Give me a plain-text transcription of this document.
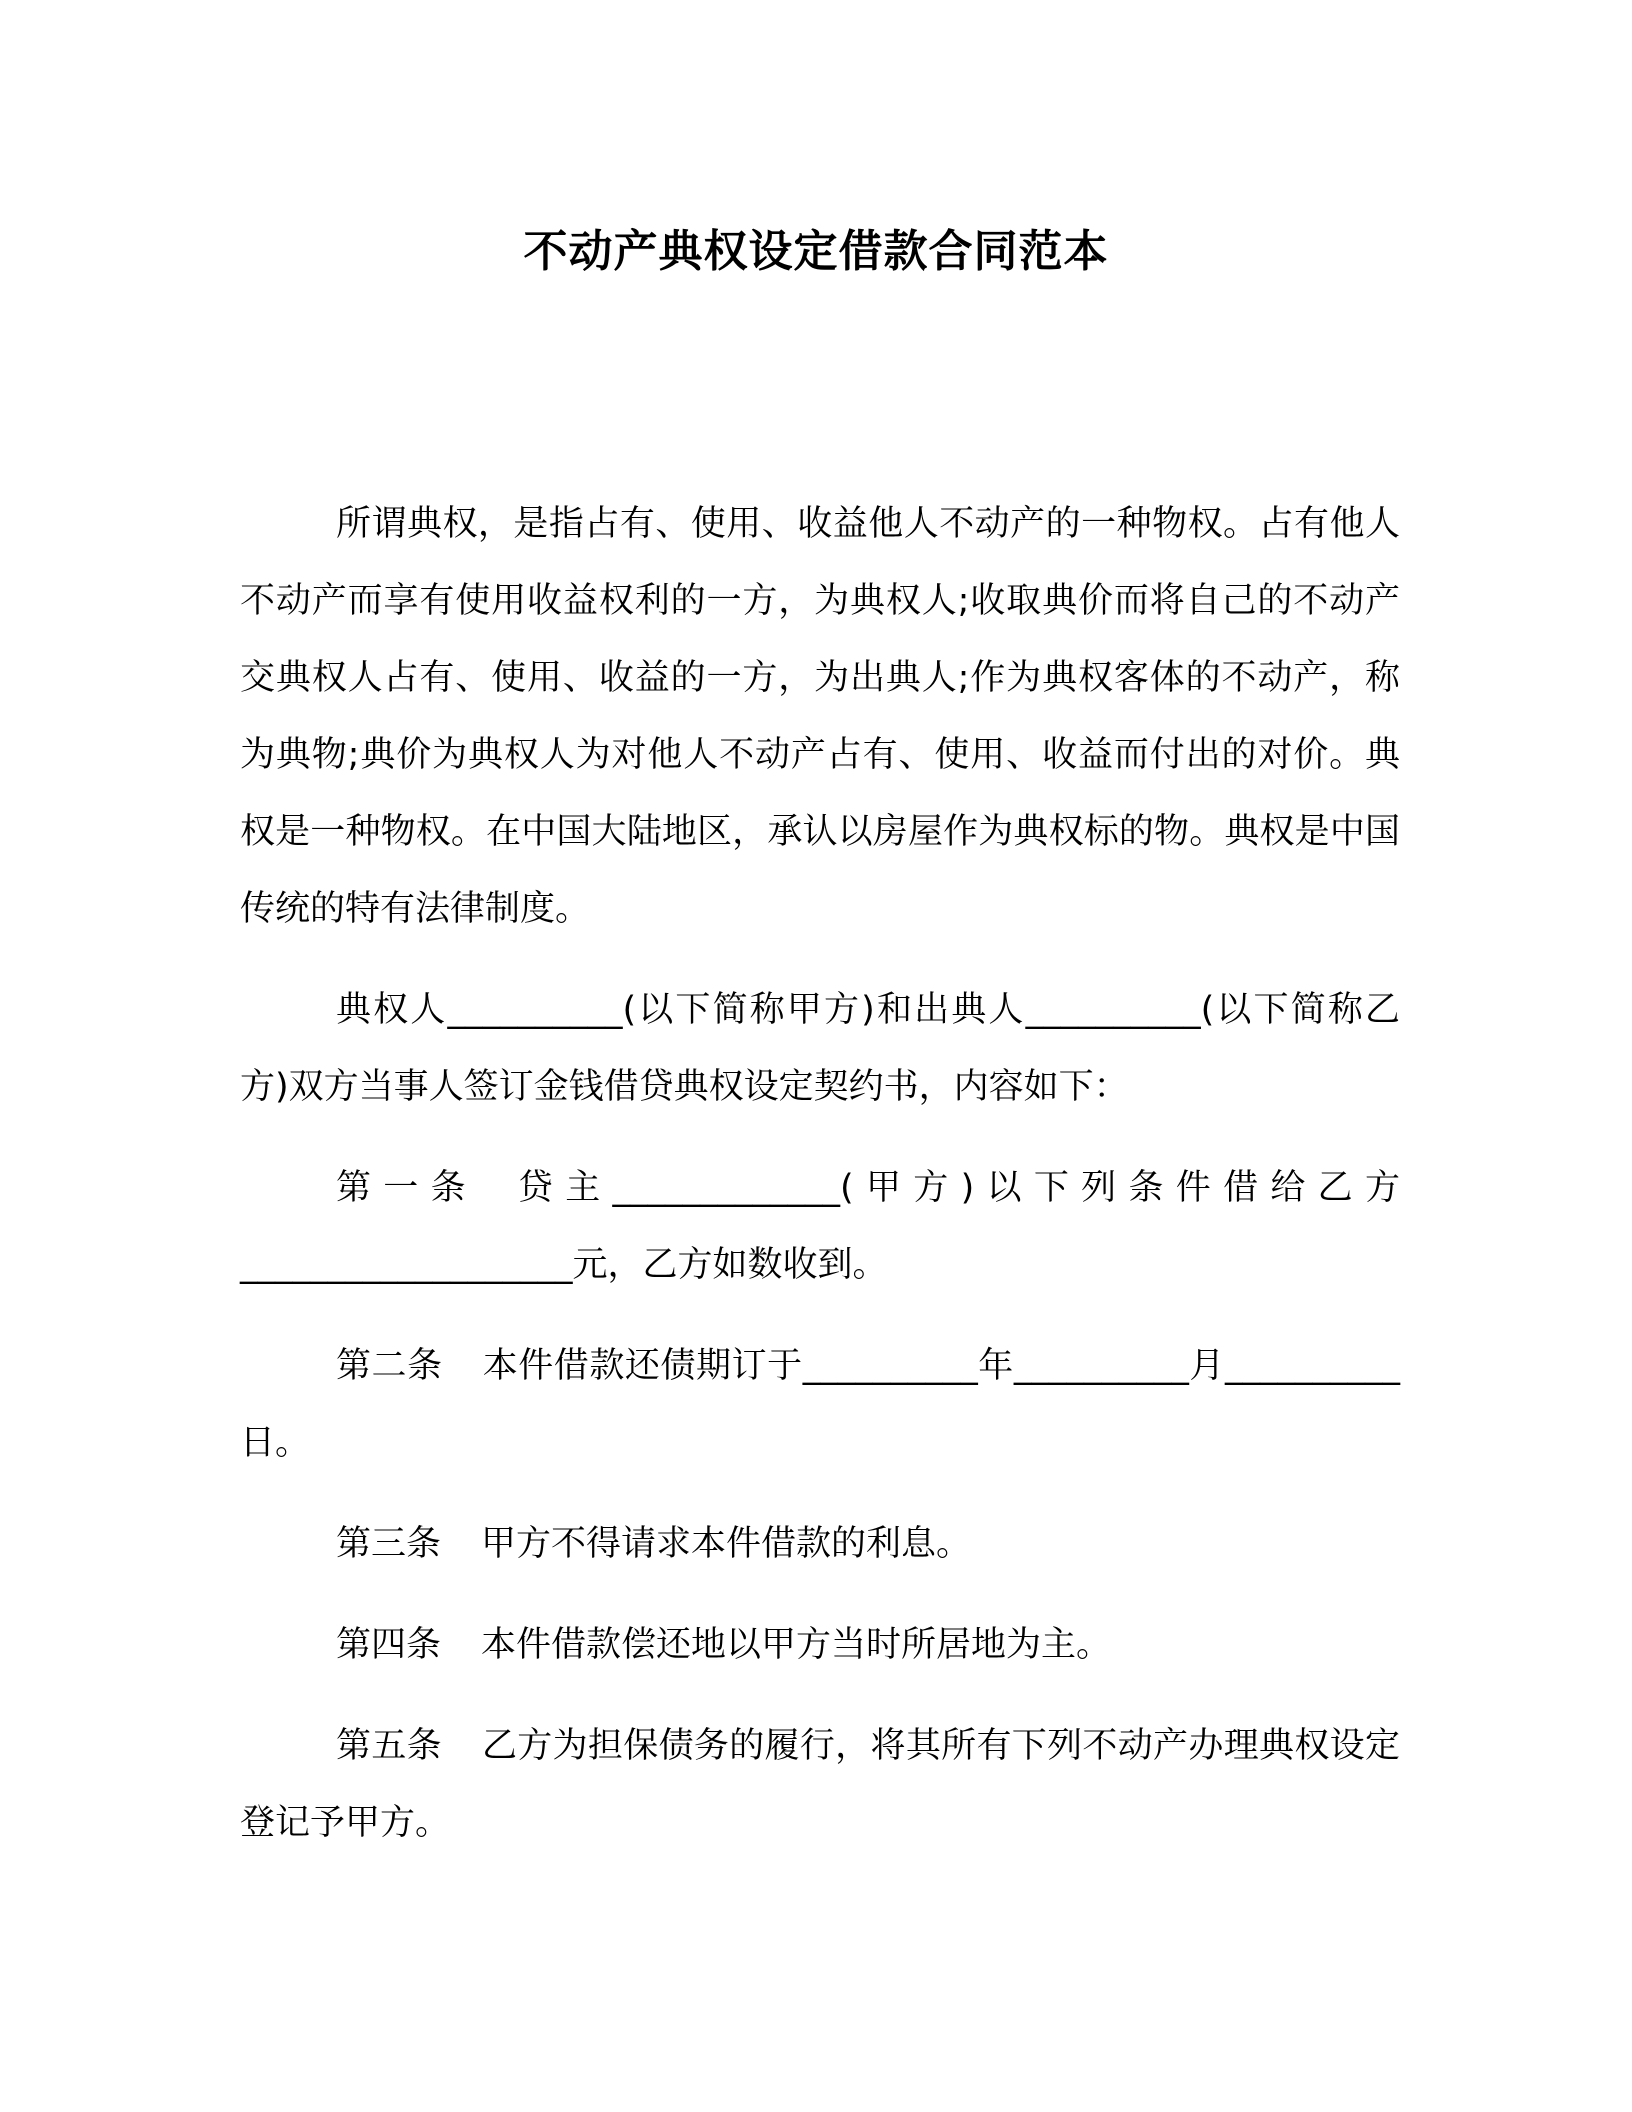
不动产典权设定借款合同范本

所谓典权，是指占有、使用、收益他人不动产的一种物权。占有他人不动产而享有使用收益权利的一方，为典权人;收取典价而将自己的不动产交典权人占有、使用、收益的一方，为出典人;作为典权客体的不动产，称为典物;典价为典权人为对他人不动产占有、使用、收益而付出的对价。典权是一种物权。在中国大陆地区，承认以房屋作为典权标的物。典权是中国传统的特有法律制度。

典权人__________(以下简称甲方)和出典人__________(以下简称乙方)双方当事人签订金钱借贷典权设定契约书，内容如下：

第一条 贷主_____________(甲方)以下列条件借给乙方___________________元，乙方如数收到。

第二条 本件借款还债期订于__________年__________月__________日。

第三条 甲方不得请求本件借款的利息。

第四条 本件借款偿还地以甲方当时所居地为主。

第五条 乙方为担保债务的履行，将其所有下列不动产办理典权设定登记予甲方。
